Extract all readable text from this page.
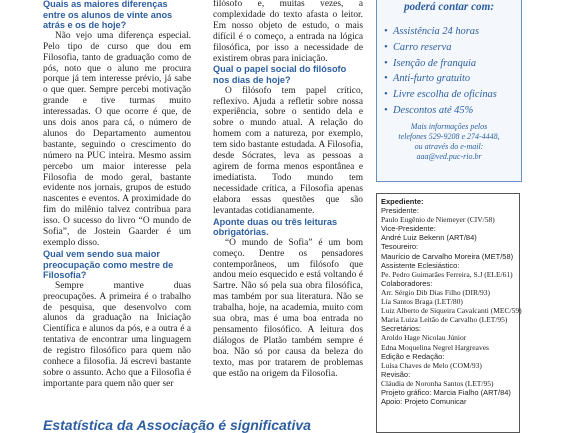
Quais as maiores diferenças entre os alunos de vinte anos atrás e os de hoje?

Não vejo uma diferença especial. Pelo tipo de curso que dou em Filosofia, tanto de graduação como de pós, noto que o aluno me procura porque já tem interesse prévio, já sabe o que quer. Sempre percebi motivação grande e tive turmas muito interessadas. O que ocorre é que, de uns dois anos para cá, o número de alunos do Departamento aumentou bastante, seguindo o crescimento do número na PUC inteira. Mesmo assim percebo um maior interesse pela Filosofia de modo geral, bastante evidente nos jornais, grupos de estudo nascentes e eventos. A proximidade do fim do milênio talvez contribua para isso. O sucesso do livro “O mundo de Sofia”, de Jostein Gaarder é um exemplo disso.

Qual vem sendo sua maior preocupação como mestre de Filosofia?

Sempre mantive duas preocupações. A primeira é o trabalho de pesquisa, que desenvolvo com alunos da graduação na Iniciação Científica e alunos da pós, e a outra é a tentativa de encontrar uma linguagem de registro filosófico para quem não conhece a filosofia. Já escrevi bastante sobre o assunto. Acho que a Filosofia é importante para quem não quer ser

filósofo e, muitas vezes, a complexidade do texto afasta o leitor. Em nosso objeto de estudo, o mais difícil é o começo, a entrada na lógica filosófica, por isso a necessidade de existirem obras para iniciação.

Qual o papel social do filósofo nos dias de hoje?

O filósofo tem papel crítico, reflexivo. Ajuda a refletir sobre nossa experiência, sobre o sentido dela e sobre o mundo atual. A relação do homem com a natureza, por exemplo, tem sido bastante estudada. A Filosofia, desde Sócrates, leva as pessoas a agirem de forma menos espontânea e imediatista. Todo mundo tem necessidade crítica, a Filosofia apenas elabora essas questões que são levantadas cotidianamente.

Aponte duas ou três leituras obrigatórias.

“O mundo de Sofia” é um bom começo. Dentre os pensadores contemporâneos, um filósofo que andou meio esquecido e está voltando é Sartre. Não só pela sua obra filosófica, mas também por sua literatura. Não se trabalha, hoje, na academia, muito com sua obra, mas é uma boa entrada no pensamento filosófico. A leitura dos diálogos de Platão também sempre é boa. Não só por causa da beleza do texto, mas por tratarem de problemas que estão na origem da Filosofia.

poderá contar com:

• Assistência 24 horas
• Carro reserva
• Isenção de franquia
• Anti-furto gratuito
• Livre escolha de oficinas
• Descontos até 45%
Mais informações pelos
telefones 529-9208 e 274-4448,
ou através do e-mail:
aaa@ved.puc-rio.br

Expediente:

Presidente:

Paulo Eugênio de Niemeyer (CIV/58)

Vice-Presidente:

André Luiz Bekenn (ART/84)

Tesoureiro:

Maurício de Carvalho Moreira (MET/58)

Assistente Eclesiástico:

Pe. Pedro Guimarães Ferreira, S.J (ELE/61)

Colaboradores:

Arr. Sérgio Dib Dias Filho (DIR/93)

Lia Santos Braga (LET/80)

Luiz Alberto de Siqueira Cavalcanti (MEC/59)

Maria Luiza Leitão de Carvalho (LET/95)

Secretários:

Aroldo Hage Nicolau Júnior

Edna Moquelina Negrel Hargreaves

Edição e Redação:

Luísa Chaves de Melo (COM/93)

Revisão:

Cláudia de Noronha Santos (LET/95)

Projeto gráfico: Marcia Fialho (ART/84)

Apoio: Projeto Comunicar

Estatística da Associação é significativa
